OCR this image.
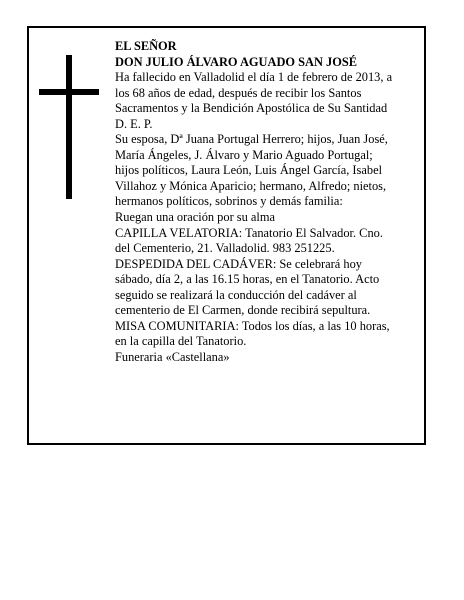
EL SEÑOR

DON JULIO ÁLVARO AGUADO SAN JOSÉ

Ha fallecido en Valladolid el día 1 de febrero de 2013, a
los 68 años de edad, después de recibir los Santos
Sacramentos y la Bendición Apostólica de Su Santidad
D. E. P.

Su esposa, Dª Juana Portugal Herrero; hijos, Juan José,
María Ángeles, J. Álvaro y Mario Aguado Portugal;
hijos políticos, Laura León, Luis Ángel García, Isabel
Villahoz y Mónica Aparicio; hermano, Alfredo; nietos,
hermanos políticos, sobrinos y demás familia:

Ruegan una oración por su alma

CAPILLA VELATORIA: Tanatorio El Salvador. Cno.
del Cementerio, 21. Valladolid. 983 251225.

DESPEDIDA DEL CADÁVER: Se celebrará hoy
sábado, día 2, a las 16.15 horas, en el Tanatorio. Acto
seguido se realizará la conducción del cadáver al
cementerio de El Carmen, donde recibirá sepultura.

MISA COMUNITARIA: Todos los días, a las 10 horas,
en la capilla del Tanatorio.

Funeraria «Castellana»
